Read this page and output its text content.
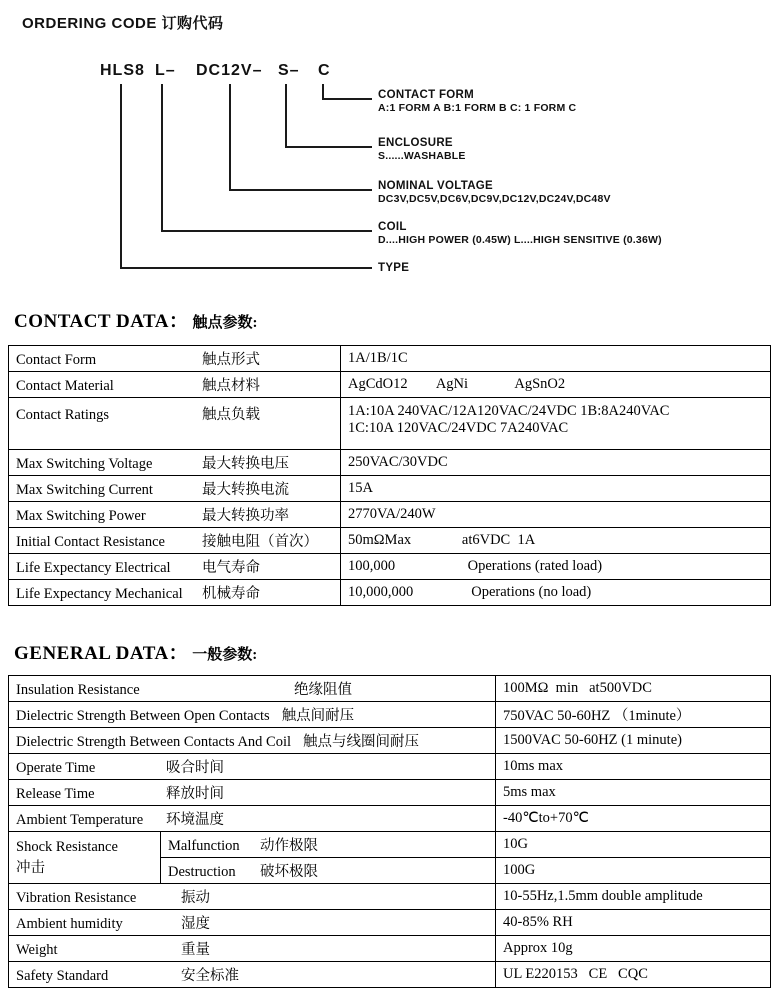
ORDERING CODE 订购代码
HLS8 L– DC12V– S– C
CONTACT FORM
A:1 FORM A B:1 FORM B C: 1 FORM C
ENCLOSURE
S......WASHABLE
NOMINAL VOLTAGE
DC3V,DC5V,DC6V,DC9V,DC12V,DC24V,DC48V
COIL
D....HIGH POWER (0.45W) L....HIGH SENSITIVE (0.36W)
TYPE
CONTACT DATA： 触点参数:
Contact Form 触点形式	1A/1B/1C
Contact Material 触点材料	AgCdO12        AgNi             AgSnO2
Contact Ratings 触点负载	1A:10A 240VAC/12A120VAC/24VDC 1B:8A240VAC
1C:10A 120VAC/24VDC 7A240VAC

Max Switching Voltage 最大转换电压	250VAC/30VDC
Max Switching Current 最大转换电流	15A
Max Switching Power 最大转换功率	2770VA/240W
Initial Contact Resistance 接触电阻（首次）	50mΩMax              at6VDC  1A
Life Expectancy Electrical 电气寿命	100,000                    Operations (rated load)
Life Expectancy Mechanical 机械寿命	10,000,000                Operations (no load)
GENERAL DATA： 一般参数:
Insulation Resistance 绝缘阻值		100MΩ  min   at500VDC
Dielectric Strength Between Open Contacts 触点间耐压		750VAC 50-60HZ （1minute）
Dielectric Strength Between Contacts And Coil 触点与线圈间耐压		1500VAC 50-60HZ (1 minute)
Operate Time 吸合时间		10ms max
Release Time 释放时间		5ms max
Ambient Temperature 环境温度		-40℃to+70℃

Shock Resistance
冲击	Malfunction 动作极限	10G
	Destruction 破坏极限	100G
Vibration Resistance 振动		10-55Hz,1.5mm double amplitude
Ambient humidity 湿度		40-85% RH
Weight 重量		Approx 10g
Safety Standard 安全标准		UL E220153   CE   CQC
